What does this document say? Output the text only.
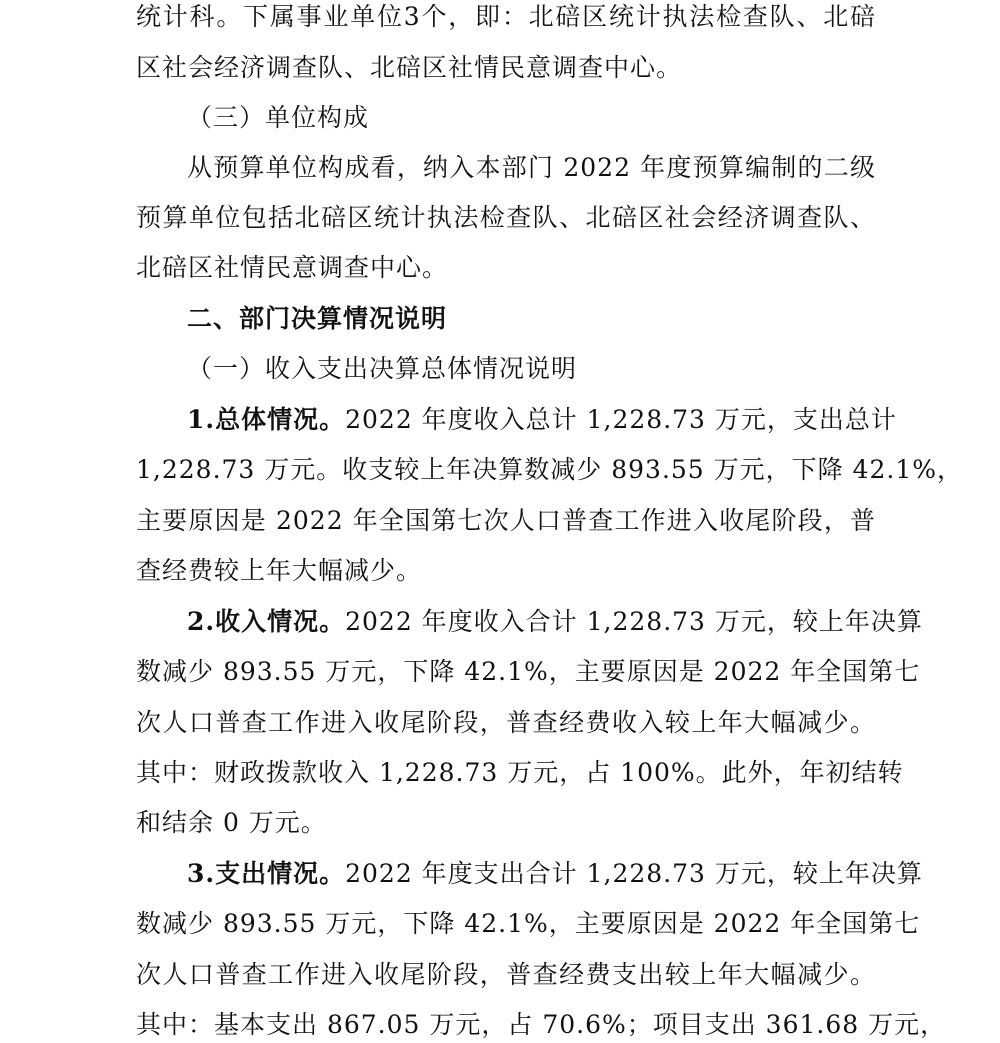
统计科。下属事业单位3个，即：北碚区统计执法检查队、北碚
区社会经济调查队、北碚区社情民意调查中心。
（三）单位构成
从预算单位构成看，纳入本部门 2022 年度预算编制的二级
预算单位包括北碚区统计执法检查队、北碚区社会经济调查队、
北碚区社情民意调查中心。
二、部门决算情况说明
（一）收入支出决算总体情况说明
1.总体情况。2022 年度收入总计 1,228.73 万元，支出总计
1,228.73 万元。收支较上年决算数减少 893.55 万元，下降 42.1%，
主要原因是 2022 年全国第七次人口普查工作进入收尾阶段，普
查经费较上年大幅减少。
2.收入情况。2022 年度收入合计 1,228.73 万元，较上年决算
数减少 893.55 万元，下降 42.1%，主要原因是 2022 年全国第七
次人口普查工作进入收尾阶段，普查经费收入较上年大幅减少。
其中：财政拨款收入 1,228.73 万元，占 100%。此外，年初结转
和结余 0 万元。
3.支出情况。2022 年度支出合计 1,228.73 万元，较上年决算
数减少 893.55 万元，下降 42.1%，主要原因是 2022 年全国第七
次人口普查工作进入收尾阶段，普查经费支出较上年大幅减少。
其中：基本支出 867.05 万元，占 70.6%；项目支出 361.68 万元，
